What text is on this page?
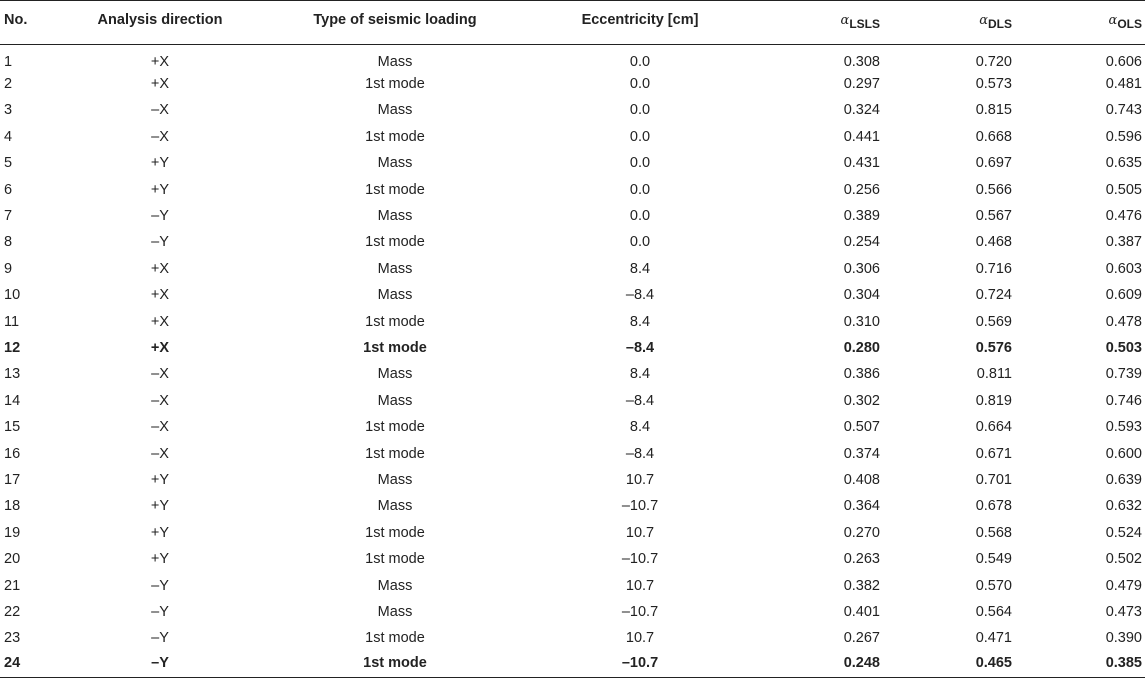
No.	Analysis direction	Type of seismic loading	Eccentricity [cm]	$\alpha_{LSLS}$	$\alpha_{DLS}$	$\alpha_{OLS}$
1	+X	Mass	0.0	0.308	0.720	0.606
2	+X	1st mode	0.0	0.297	0.573	0.481
3	–X	Mass	0.0	0.324	0.815	0.743
4	–X	1st mode	0.0	0.441	0.668	0.596
5	+Y	Mass	0.0	0.431	0.697	0.635
6	+Y	1st mode	0.0	0.256	0.566	0.505
7	–Y	Mass	0.0	0.389	0.567	0.476
8	–Y	1st mode	0.0	0.254	0.468	0.387
9	+X	Mass	8.4	0.306	0.716	0.603
10	+X	Mass	–8.4	0.304	0.724	0.609
11	+X	1st mode	8.4	0.310	0.569	0.478
12	+X	1st mode	–8.4	0.280	0.576	0.503
13	–X	Mass	8.4	0.386	0.811	0.739
14	–X	Mass	–8.4	0.302	0.819	0.746
15	–X	1st mode	8.4	0.507	0.664	0.593
16	–X	1st mode	–8.4	0.374	0.671	0.600
17	+Y	Mass	10.7	0.408	0.701	0.639
18	+Y	Mass	–10.7	0.364	0.678	0.632
19	+Y	1st mode	10.7	0.270	0.568	0.524
20	+Y	1st mode	–10.7	0.263	0.549	0.502
21	–Y	Mass	10.7	0.382	0.570	0.479
22	–Y	Mass	–10.7	0.401	0.564	0.473
23	–Y	1st mode	10.7	0.267	0.471	0.390
24	–Y	1st mode	–10.7	0.248	0.465	0.385
